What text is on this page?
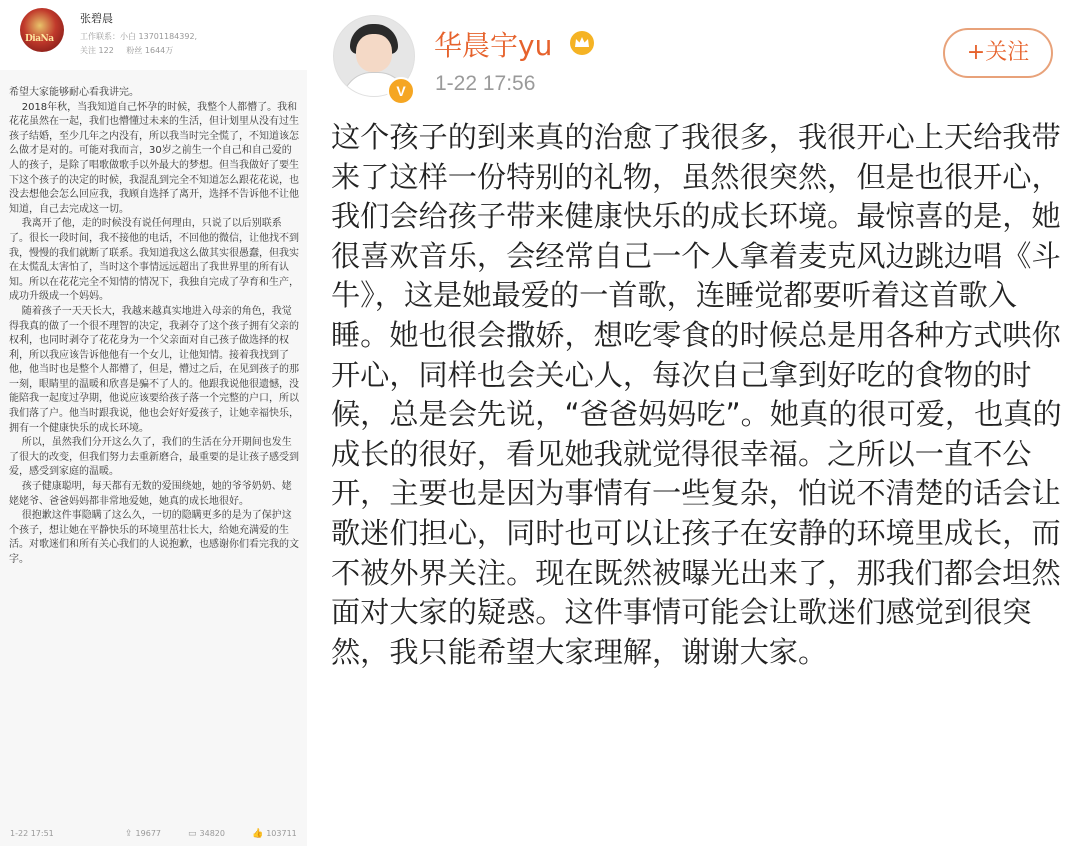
DiaNa
张碧晨
工作联系：小白 13701184392,
关注 122 粉丝 1644万
希望大家能够耐心看我讲完。
2018年秋，当我知道自己怀孕的时候，我整个人都懵了。我和花花虽然在一起，我们也懵懂过未来的生活，但计划里从没有过生孩子结婚，至少几年之内没有，所以我当时完全慌了，不知道该怎么做才是对的。可能对我而言，30岁之前生一个自己和自己爱的人的孩子，是除了唱歌做歌手以外最大的梦想。但当我做好了要生下这个孩子的决定的时候，我混乱到完全不知道怎么跟花花说，也没去想他会怎么回应我，我顾自选择了离开，选择不告诉他不让他知道，自己去完成这一切。
我离开了他，走的时候没有说任何理由，只说了以后别联系了。很长一段时间，我不接他的电话，不回他的微信，让他找不到我，慢慢的我们就断了联系。我知道我这么做其实很愚蠢，但我实在太慌乱太害怕了，当时这个事情远远超出了我世界里的所有认知。所以在花花完全不知情的情况下，我独自完成了孕育和生产，成功升级成一个妈妈。
随着孩子一天天长大，我越来越真实地进入母亲的角色，我觉得我真的做了一个很不理智的决定，我剥夺了这个孩子拥有父亲的权利，也同时剥夺了花花身为一个父亲面对自己孩子做选择的权利，所以我应该告诉他他有一个女儿，让他知情。接着我找到了他，他当时也是整个人都懵了，但是，懵过之后，在见到孩子的那一刻，眼睛里的温暖和欣喜是骗不了人的。他跟我说他很遗憾，没能陪我一起度过孕期，他说应该要给孩子落一个完整的户口，所以我们落了户。他当时跟我说，他也会好好爱孩子，让她幸福快乐，拥有一个健康快乐的成长环境。
所以，虽然我们分开这么久了，我们的生活在分开期间也发生了很大的改变，但我们努力去重新磨合，最重要的是让孩子感受到爱，感受到家庭的温暖。
孩子健康聪明，每天都有无数的爱围绕她，她的爷爷奶奶、姥姥姥爷、爸爸妈妈都非常地爱她，她真的成长地很好。
很抱歉这件事隐瞒了这么久，一切的隐瞒更多的是为了保护这个孩子，想让她在平静快乐的环境里茁壮长大，给她充满爱的生活。对歌迷们和所有关心我们的人说抱歉，也感谢你们看完我的文字。
1-22 17:51	⇪ 19677	▭ 34820	👍 103711
V
华晨宇yu
1-22 17:56
+关注
这个孩子的到来真的治愈了我很多，我很开心上天给我带来了这样一份特别的礼物，虽然很突然，但是也很开心，我们会给孩子带来健康快乐的成长环境。最惊喜的是，她很喜欢音乐，会经常自己一个人拿着麦克风边跳边唱《斗牛》，这是她最爱的一首歌，连睡觉都要听着这首歌入睡。她也很会撒娇，想吃零食的时候总是用各种方式哄你开心，同样也会关心人，每次自己拿到好吃的食物的时候，总是会先说，“爸爸妈妈吃”。她真的很可爱，也真的成长的很好，看见她我就觉得很幸福。之所以一直不公开，主要也是因为事情有一些复杂，怕说不清楚的话会让歌迷们担心，同时也可以让孩子在安静的环境里成长，而不被外界关注。现在既然被曝光出来了，那我们都会坦然面对大家的疑惑。这件事情可能会让歌迷们感觉到很突然，我只能希望大家理解，谢谢大家。
